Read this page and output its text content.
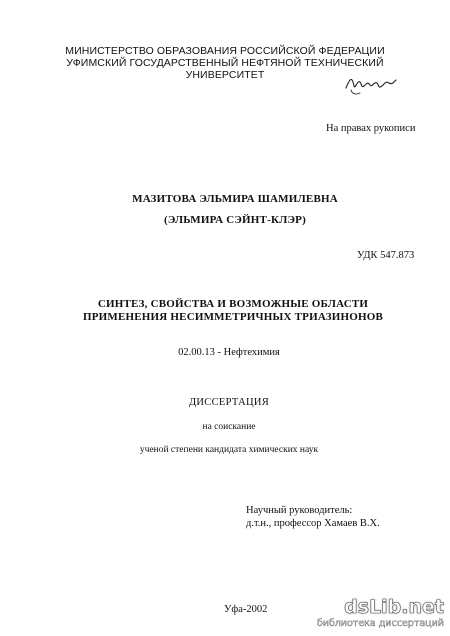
МИНИСТЕРСТВО ОБРАЗОВАНИЯ РОССИЙСКОЙ ФЕДЕРАЦИИ
УФИМСКИЙ ГОСУДАРСТВЕННЫЙ НЕФТЯНОЙ ТЕХНИЧЕСКИЙ
УНИВЕРСИТЕТ
На правах рукописи
МАЗИТОВА ЭЛЬМИРА ШАМИЛЕВНА
(ЭЛЬМИРА СЭЙНТ-КЛЭР)
УДК 547.873
СИНТЕЗ, СВОЙСТВА И ВОЗМОЖНЫЕ ОБЛАСТИ
ПРИМЕНЕНИЯ НЕСИММЕТРИЧНЫХ ТРИАЗИНОНОВ
02.00.13 - Нефтехимия
ДИССЕРТАЦИЯ
на соискание
ученой степени кандидата химических наук
Научный руководитель:
д.т.н., профессор Хамаев В.Х.
Уфа-2002	dsLib.net
библиотека диссертаций
